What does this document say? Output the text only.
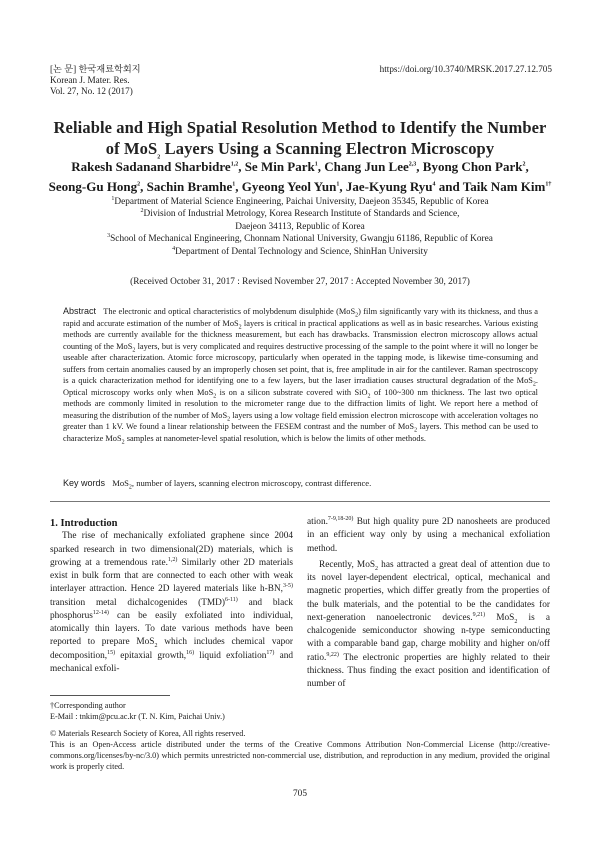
[논 문] 한국재료학회지
Korean J. Mater. Res.
Vol. 27, No. 12 (2017)
https://doi.org/10.3740/MRSK.2017.27.12.705
Reliable and High Spatial Resolution Method to Identify the Number
of MoS$_2$ Layers Using a Scanning Electron Microscopy
Rakesh Sadanand Sharbidre$^{1,2}$, Se Min Park$^1$, Chang Jun Lee$^{2,3}$, Byong Chon Park$^2$,
Seong-Gu Hong$^2$, Sachin Bramhe$^1$, Gyeong Yeol Yun$^1$, Jae-Kyung Ryu$^4$ and Taik Nam Kim$^{1\dagger}$
$^1$Department of Material Science Engineering, Paichai University, Daejeon 35345, Republic of Korea
$^2$Division of Industrial Metrology, Korea Research Institute of Standards and Science,
Daejeon 34113, Republic of Korea
$^3$School of Mechanical Engineering, Chonnam National University, Gwangju 61186, Republic of Korea
$^4$Department of Dental Technology and Science, ShinHan University
(Received October 31, 2017 : Revised November 27, 2017 : Accepted November 30, 2017)
Abstract The electronic and optical characteristics of molybdenum disulphide (MoS$_2$) film significantly vary with its thickness, and thus a rapid and accurate estimation of the number of MoS$_2$ layers is critical in practical applications as well as in basic researches. Various existing methods are currently available for the thickness measurement, but each has drawbacks. Transmission electron microscopy allows actual counting of the MoS$_2$ layers, but is very complicated and requires destructive processing of the sample to the point where it will no longer be useable after characterization. Atomic force microscopy, particularly when operated in the tapping mode, is likewise time-consuming and suffers from certain anomalies caused by an improperly chosen set point, that is, free amplitude in air for the cantilever. Raman spectroscopy is a quick characterization method for identifying one to a few layers, but the laser irradiation causes structural degradation of the MoS$_2$. Optical microscopy works only when MoS$_2$ is on a silicon substrate covered with SiO$_2$ of 100~300 nm thickness. The last two optical methods are commonly limited in resolution to the micrometer range due to the diffraction limits of light. We report here a method of measuring the distribution of the number of MoS$_2$ layers using a low voltage field emission electron microscope with acceleration voltages no greater than 1 kV. We found a linear relationship between the FESEM contrast and the number of MoS$_2$ layers. This method can be used to characterize MoS$_2$ samples at nanometer-level spatial resolution, which is below the limits of other methods.
Key words MoS$_2$, number of layers, scanning electron microscopy, contrast difference.

1. Introduction

The rise of mechanically exfoliated graphene since 2004 sparked research in two dimensional(2D) materials, which is growing at a tremendous rate.$^{1,2)}$ Similarly other 2D materials exist in bulk form that are connected to each other with weak interlayer attraction. Hence 2D layered materials like h-BN,$^{3-5)}$ transition metal dichalcogenides (TMD)$^{6-11)}$ and black phosphorus$^{12-14)}$ can be easily exfoliated into individual, atomically thin layers. To date various methods have been reported to prepare MoS$_2$ which includes chemical vapor decomposition,$^{15)}$ epitaxial growth,$^{16)}$ liquid exfoliation$^{17)}$ and mechanical exfoli-

ation.$^{7-9,18-20)}$ But high quality pure 2D nanosheets are produced in an efficient way only by using a mechanical exfoliation method.

Recently, MoS$_2$ has attracted a great deal of attention due to its novel layer-dependent electrical, optical, mechanical and magnetic properties, which differ greatly from the properties of the bulk materials, and the potential to be the candidates for next-generation nanoelectronic devices.$^{9,21)}$ MoS$_2$ is a chalcogenide semiconductor showing n-type semiconducting with a comparable band gap, charge mobility and higher on/off ratio.$^{9,22)}$ The electronic properties are highly related to their thickness. Thus finding the exact position and identification of number of

†Corresponding author
E-Mail : tnkim@pcu.ac.kr (T. N. Kim, Paichai Univ.)
© Materials Research Society of Korea, All rights reserved.
This is an Open-Access article distributed under the terms of the Creative Commons Attribution Non-Commercial License (http://creative-commons.org/licenses/by-nc/3.0) which permits unrestricted non-commercial use, distribution, and reproduction in any medium, provided the original work is properly cited.
705
